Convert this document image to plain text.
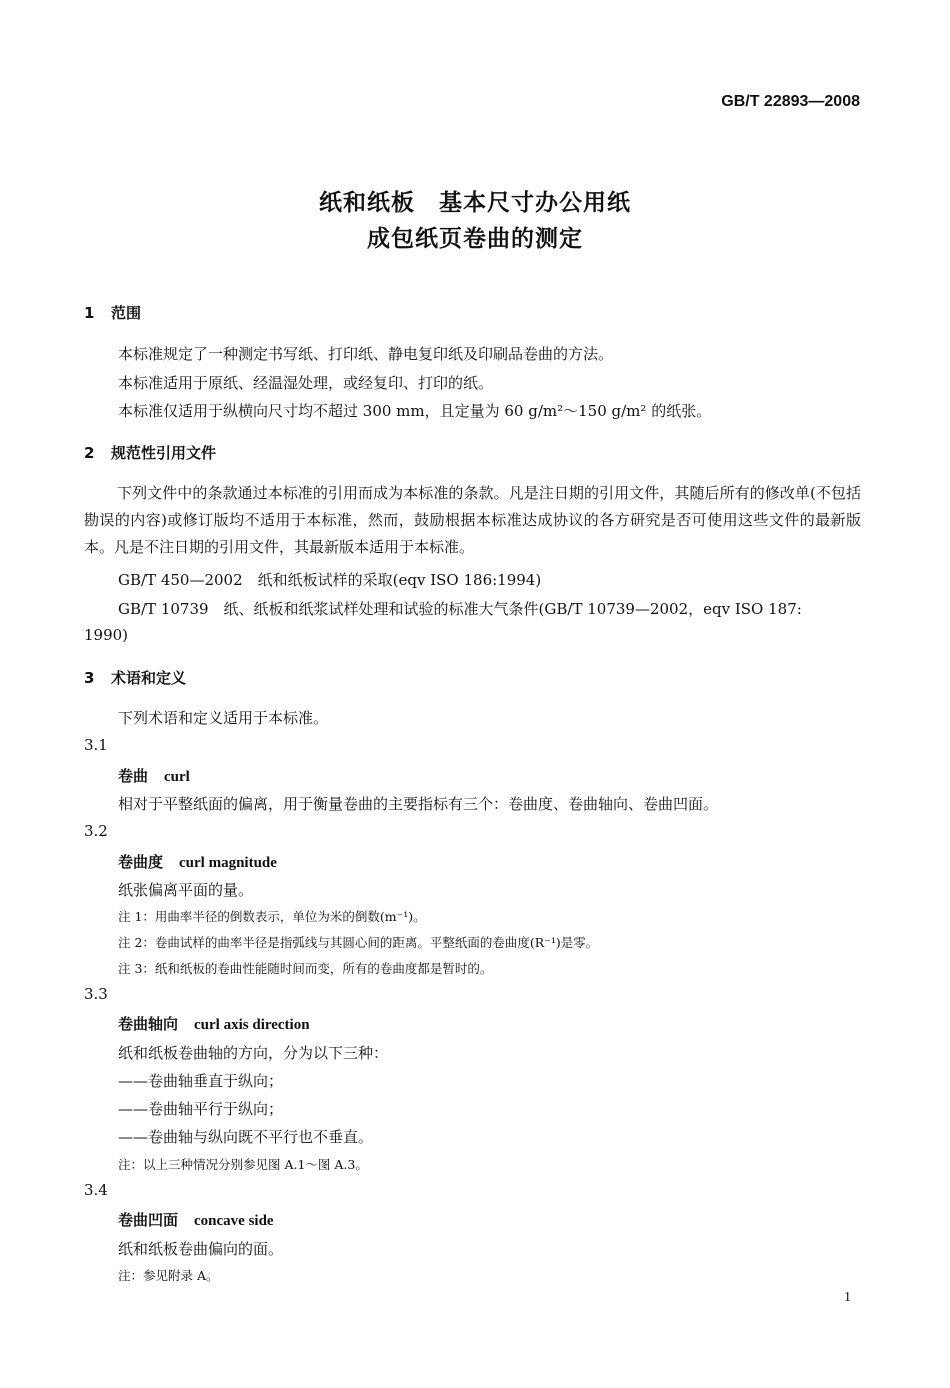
GB/T 22893—2008
纸和纸板　基本尺寸办公用纸
成包纸页卷曲的测定
1 范围
本标准规定了一种测定书写纸、打印纸、静电复印纸及印刷品卷曲的方法。
本标准适用于原纸、经温湿处理，或经复印、打印的纸。
本标准仅适用于纵横向尺寸均不超过 300 mm，且定量为 60 g/m²～150 g/m² 的纸张。
2 规范性引用文件
下列文件中的条款通过本标准的引用而成为本标准的条款。凡是注日期的引用文件，其随后所有的修改单(不包括勘误的内容)或修订版均不适用于本标准，然而，鼓励根据本标准达成协议的各方研究是否可使用这些文件的最新版本。凡是不注日期的引用文件，其最新版本适用于本标准。
GB/T 450—2002　纸和纸板试样的采取(eqv ISO 186:1994)
GB/T 10739　纸、纸板和纸浆试样处理和试验的标准大气条件(GB/T 10739—2002，eqv ISO 187:
1990)
3 术语和定义
下列术语和定义适用于本标准。
3.1
卷曲 curl
相对于平整纸面的偏离，用于衡量卷曲的主要指标有三个：卷曲度、卷曲轴向、卷曲凹面。
3.2
卷曲度 curl magnitude
纸张偏离平面的量。
注 1：用曲率半径的倒数表示，单位为米的倒数(m⁻¹)。
注 2：卷曲试样的曲率半径是指弧线与其圆心间的距离。平整纸面的卷曲度(R⁻¹)是零。
注 3：纸和纸板的卷曲性能随时间而变，所有的卷曲度都是暂时的。
3.3
卷曲轴向 curl axis direction
纸和纸板卷曲轴的方向，分为以下三种：
——卷曲轴垂直于纵向；
——卷曲轴平行于纵向；
——卷曲轴与纵向既不平行也不垂直。
注：以上三种情况分别参见图 A.1～图 A.3。
3.4
卷曲凹面 concave side
纸和纸板卷曲偏向的面。
注：参见附录 A。
1
